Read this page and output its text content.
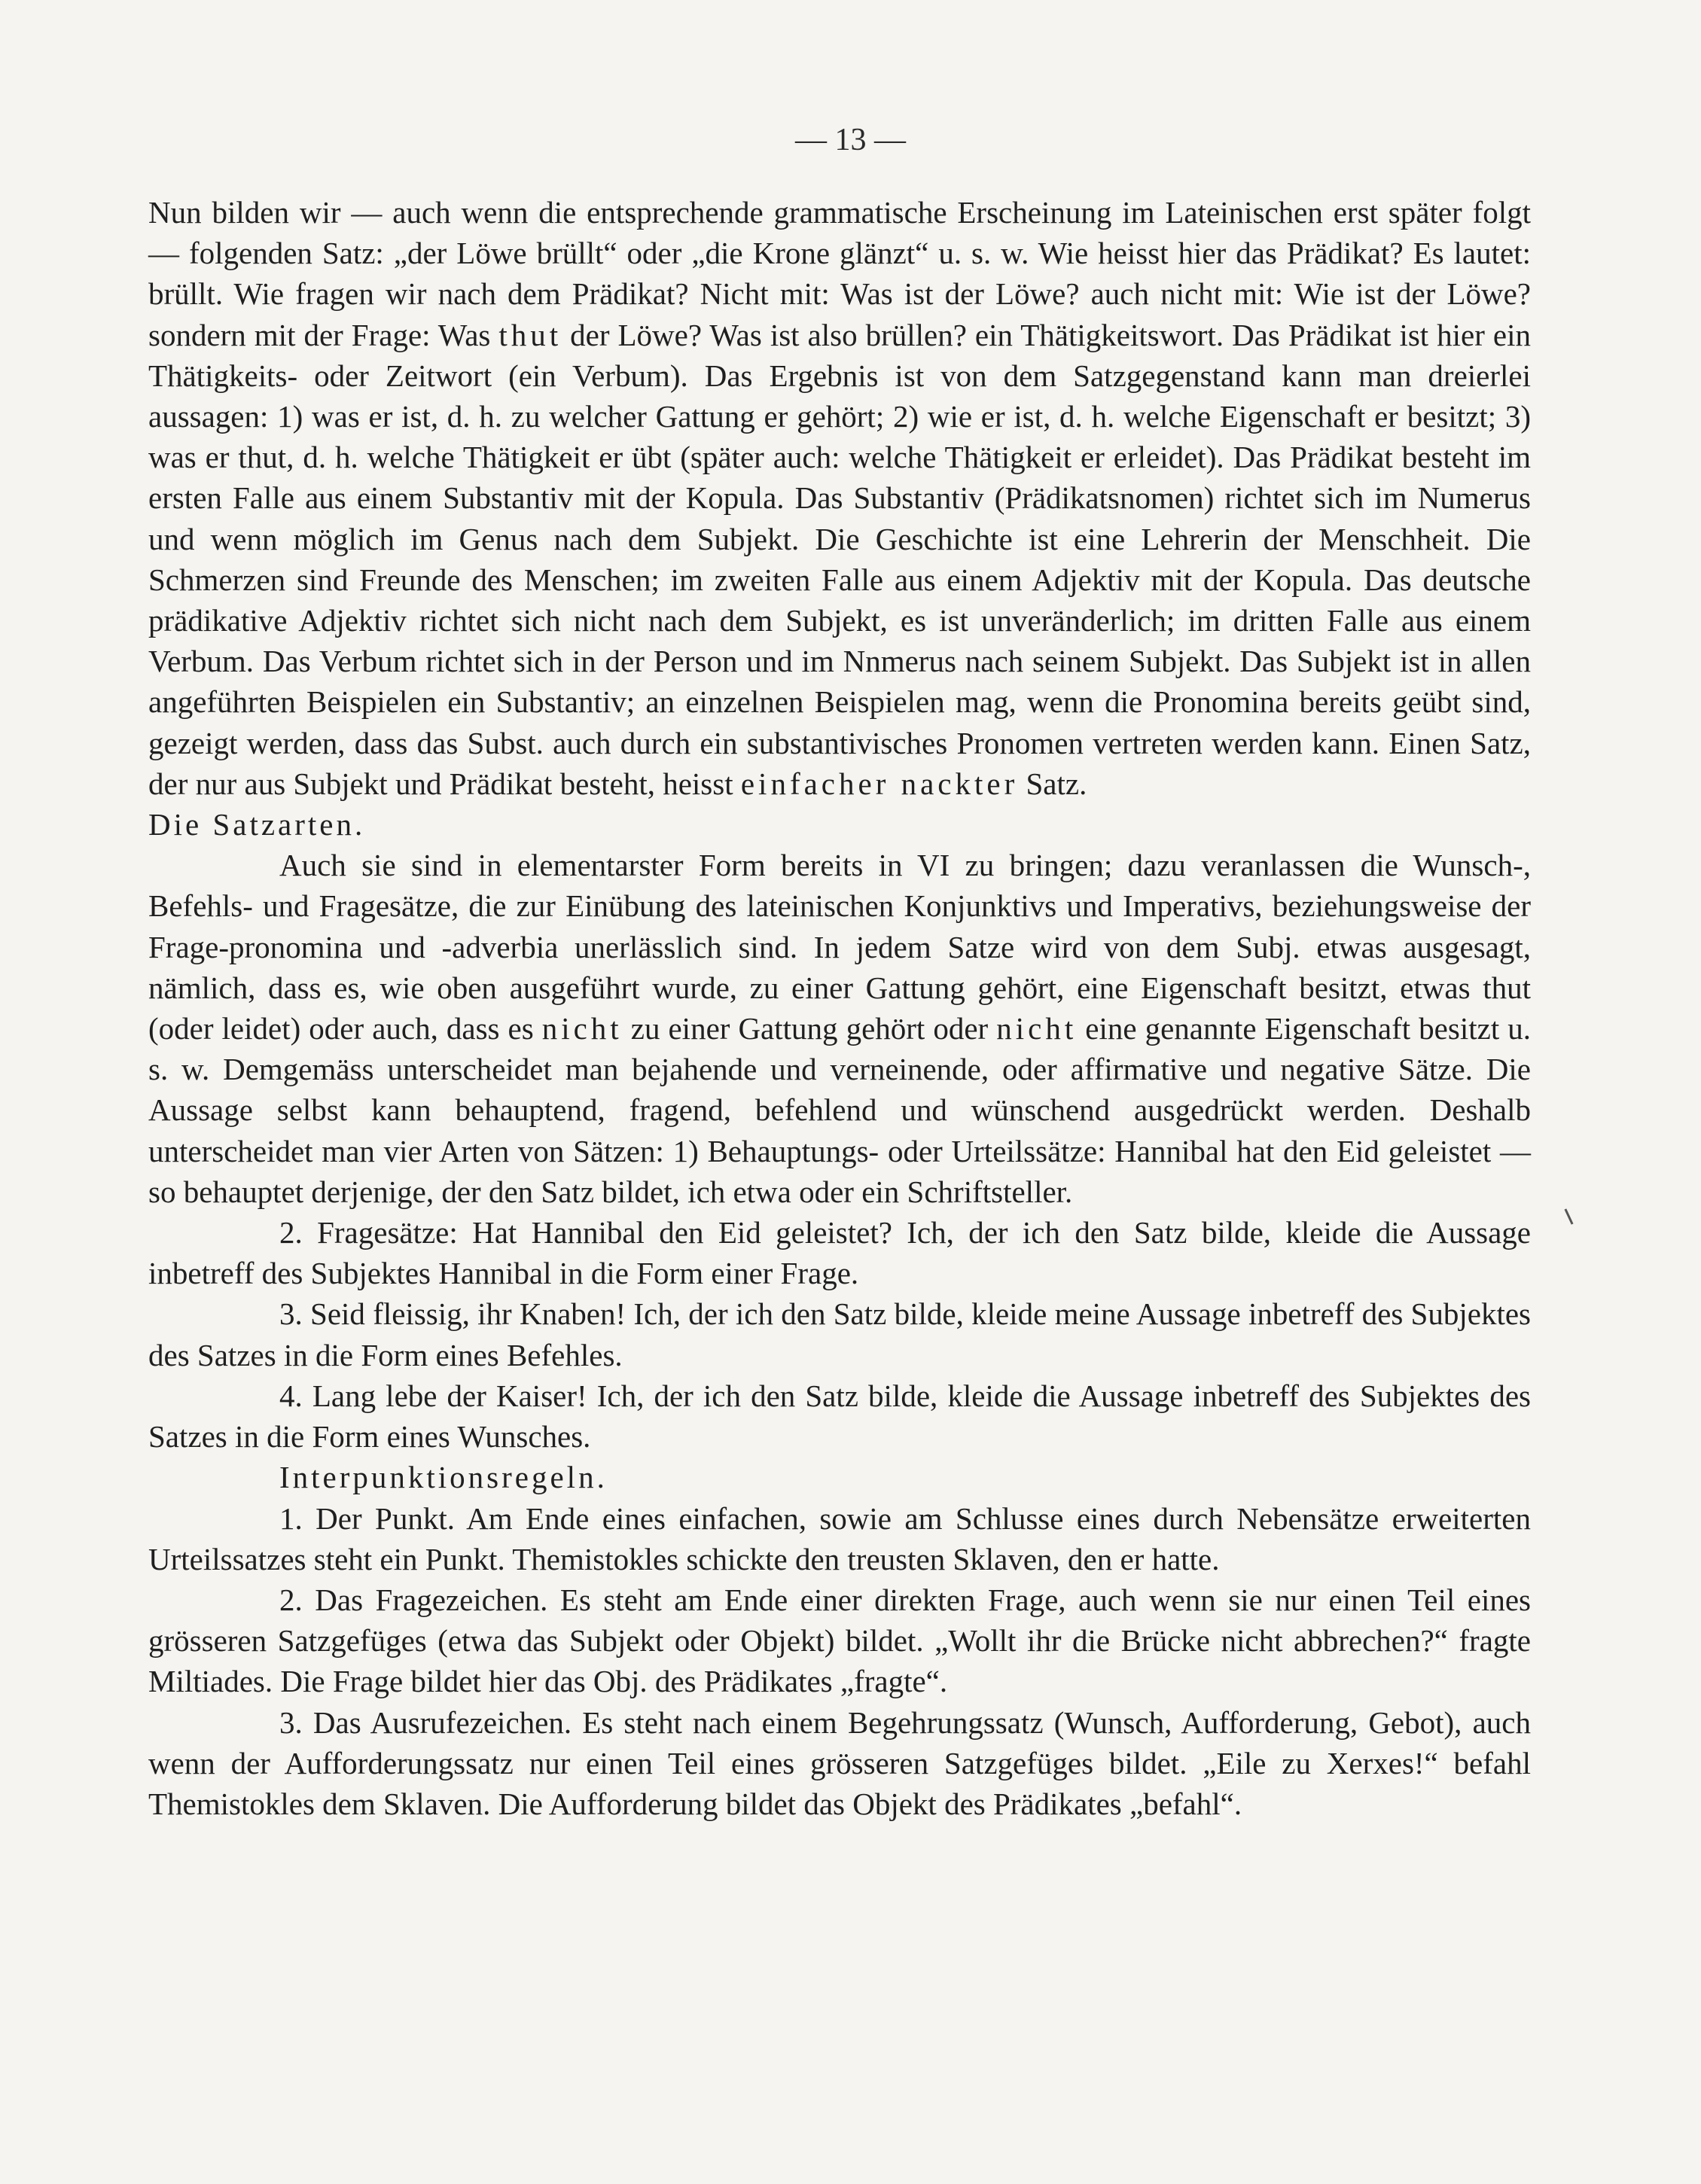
— 13 —

Nun bilden wir — auch wenn die entsprechende grammatische Erscheinung im Lateinischen erst später folgt — folgenden Satz: „der Löwe brüllt“ oder „die Krone glänzt“ u. s. w. Wie heisst hier das Prädikat? Es lautet: brüllt. Wie fragen wir nach dem Prädikat? Nicht mit: Was ist der Löwe? auch nicht mit: Wie ist der Löwe? sondern mit der Frage: Was thut der Löwe? Was ist also brüllen? ein Thätigkeitswort. Das Prädikat ist hier ein Thätigkeits- oder Zeitwort (ein Verbum). Das Ergebnis ist von dem Satzgegenstand kann man dreierlei aussagen: 1) was er ist, d. h. zu welcher Gattung er gehört; 2) wie er ist, d. h. welche Eigenschaft er besitzt; 3) was er thut, d. h. welche Thätigkeit er übt (später auch: welche Thätigkeit er erleidet). Das Prädikat besteht im ersten Falle aus einem Substantiv mit der Kopula. Das Substantiv (Prädikatsnomen) richtet sich im Numerus und wenn möglich im Genus nach dem Subjekt. Die Geschichte ist eine Lehrerin der Menschheit. Die Schmerzen sind Freunde des Menschen; im zweiten Falle aus einem Adjektiv mit der Kopula. Das deutsche prädikative Adjektiv richtet sich nicht nach dem Subjekt, es ist unveränderlich; im dritten Falle aus einem Verbum. Das Verbum richtet sich in der Person und im Nnmerus nach seinem Subjekt. Das Subjekt ist in allen angeführten Beispielen ein Substantiv; an einzelnen Beispielen mag, wenn die Pronomina bereits geübt sind, gezeigt werden, dass das Subst. auch durch ein substantivisches Pronomen vertreten werden kann. Einen Satz, der nur aus Subjekt und Prädikat besteht, heisst einfacher nackter Satz.

Die Satzarten.

Auch sie sind in elementarster Form bereits in VI zu bringen; dazu veranlassen die Wunsch-, Befehls- und Fragesätze, die zur Einübung des lateinischen Konjunktivs und Imperativs, beziehungsweise der Frage-pronomina und -adverbia unerlässlich sind. In jedem Satze wird von dem Subj. etwas ausgesagt, nämlich, dass es, wie oben ausgeführt wurde, zu einer Gattung gehört, eine Eigenschaft besitzt, etwas thut (oder leidet) oder auch, dass es nicht zu einer Gattung gehört oder nicht eine genannte Eigenschaft besitzt u. s. w. Demgemäss unterscheidet man bejahende und verneinende, oder affirmative und negative Sätze. Die Aussage selbst kann behauptend, fragend, befehlend und wünschend ausgedrückt werden. Deshalb unterscheidet man vier Arten von Sätzen: 1) Behauptungs- oder Urteilssätze: Hannibal hat den Eid geleistet — so behauptet derjenige, der den Satz bildet, ich etwa oder ein Schriftsteller.

2. Fragesätze: Hat Hannibal den Eid geleistet? Ich, der ich den Satz bilde, kleide die Aussage inbetreff des Subjektes Hannibal in die Form einer Frage.

3. Seid fleissig, ihr Knaben! Ich, der ich den Satz bilde, kleide meine Aussage inbetreff des Subjektes des Satzes in die Form eines Befehles.

4. Lang lebe der Kaiser! Ich, der ich den Satz bilde, kleide die Aussage inbetreff des Subjektes des Satzes in die Form eines Wunsches.

Interpunktionsregeln.

1. Der Punkt. Am Ende eines einfachen, sowie am Schlusse eines durch Nebensätze erweiterten Urteilssatzes steht ein Punkt. Themistokles schickte den treusten Sklaven, den er hatte.

2. Das Fragezeichen. Es steht am Ende einer direkten Frage, auch wenn sie nur einen Teil eines grösseren Satzgefüges (etwa das Subjekt oder Objekt) bildet. „Wollt ihr die Brücke nicht abbrechen?“ fragte Miltiades. Die Frage bildet hier das Obj. des Prädikates „fragte“.

3. Das Ausrufezeichen. Es steht nach einem Begehrungssatz (Wunsch, Aufforderung, Gebot), auch wenn der Aufforderungssatz nur einen Teil eines grösseren Satzgefüges bildet. „Eile zu Xerxes!“ befahl Themistokles dem Sklaven. Die Aufforderung bildet das Objekt des Prädikates „befahl“.
